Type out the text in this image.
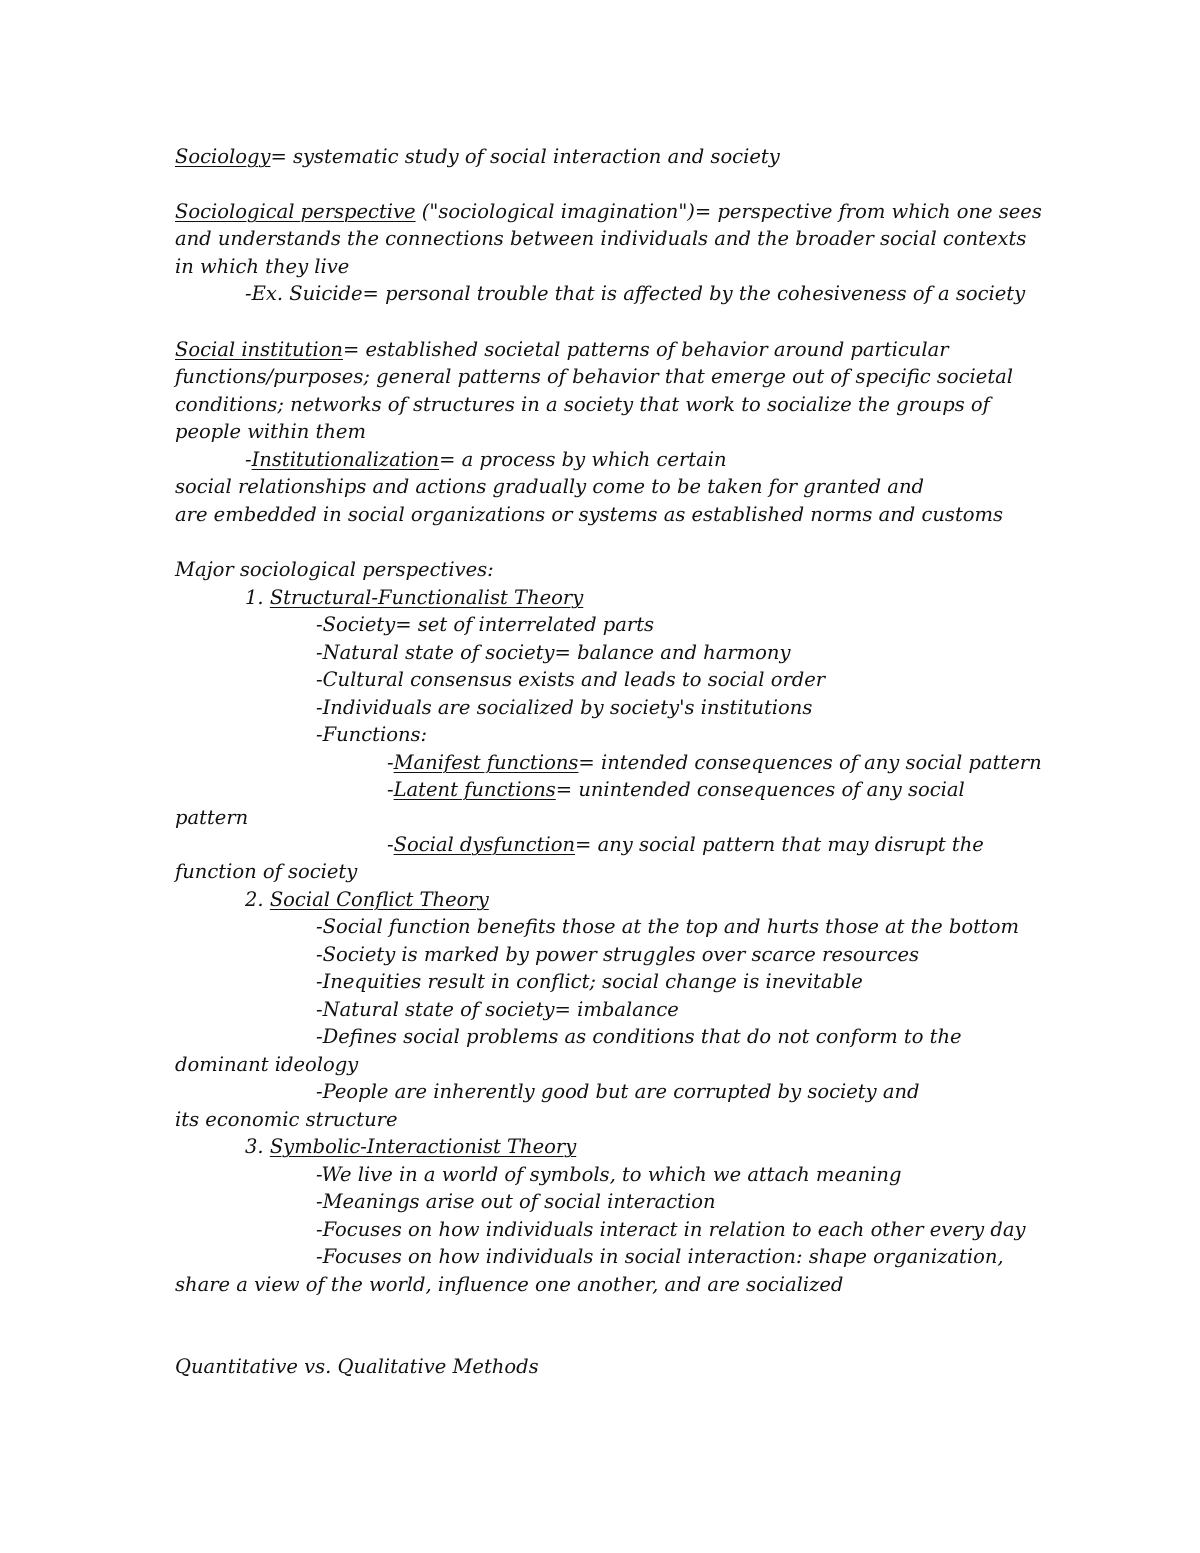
Sociology= systematic study of social interaction and society
Sociological perspective ("sociological imagination")= perspective from which one sees
and understands the connections between individuals and the broader social contexts
in which they live
-Ex. Suicide= personal trouble that is affected by the cohesiveness of a society
Social institution= established societal patterns of behavior around particular
functions/purposes; general patterns of behavior that emerge out of specific societal
conditions; networks of structures in a society that work to socialize the groups of
people within them
-Institutionalization= a process by which certain
social relationships and actions gradually come to be taken for granted and
are embedded in social organizations or systems as established norms and customs
Major sociological perspectives:
1. Structural-Functionalist Theory
-Society= set of interrelated parts
-Natural state of society= balance and harmony
-Cultural consensus exists and leads to social order
-Individuals are socialized by society's institutions
-Functions:
-Manifest functions= intended consequences of any social pattern
-Latent functions= unintended consequences of any social
pattern
-Social dysfunction= any social pattern that may disrupt the
function of society
2. Social Conflict Theory
-Social function benefits those at the top and hurts those at the bottom
-Society is marked by power struggles over scarce resources
-Inequities result in conflict; social change is inevitable
-Natural state of society= imbalance
-Defines social problems as conditions that do not conform to the
dominant ideology
-People are inherently good but are corrupted by society and
its economic structure
3. Symbolic-Interactionist Theory
-We live in a world of symbols, to which we attach meaning
-Meanings arise out of social interaction
-Focuses on how individuals interact in relation to each other every day
-Focuses on how individuals in social interaction: shape organization,
share a view of the world, influence one another, and are socialized
Quantitative vs. Qualitative Methods
